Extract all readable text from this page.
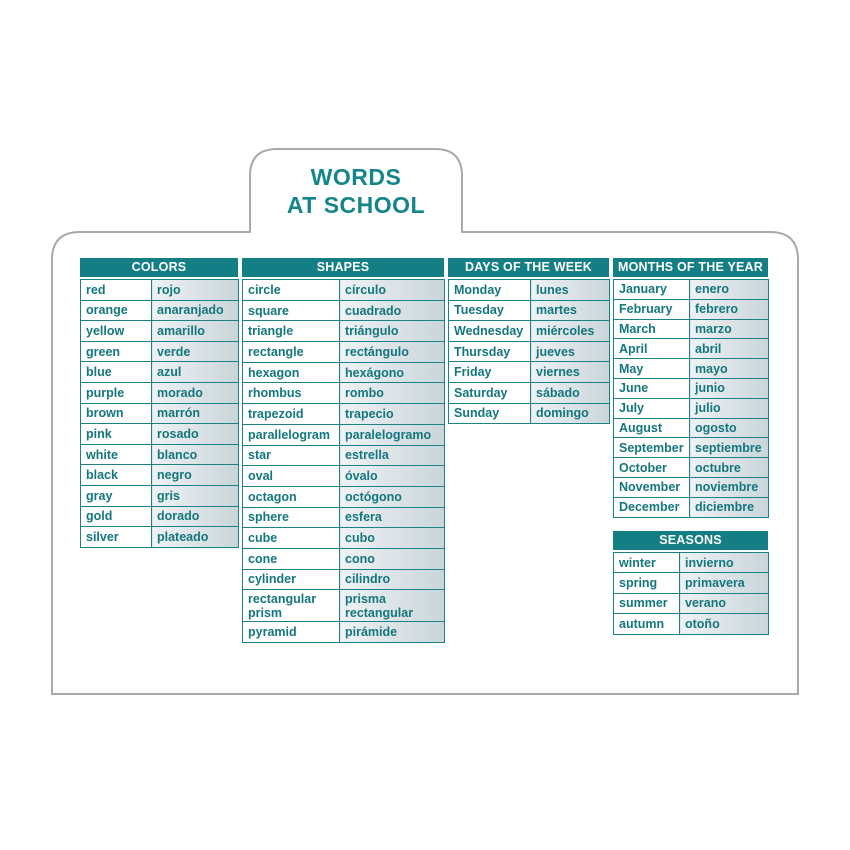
WORDS
AT SCHOOL
COLORS
red	rojo
orange	anaranjado
yellow	amarillo
green	verde
blue	azul
purple	morado
brown	marrón
pink	rosado
white	blanco
black	negro
gray	gris
gold	dorado
silver	plateado
SHAPES
circle	círculo
square	cuadrado
triangle	triángulo
rectangle	rectángulo
hexagon	hexágono
rhombus	rombo
trapezoid	trapecio
parallelogram	paralelogramo
star	estrella
oval	óvalo
octagon	octógono
sphere	esfera
cube	cubo
cone	cono
cylinder	cilindro
rectangular prism	prisma rectangular
pyramid	pirámide
DAYS OF THE WEEK
Monday	lunes
Tuesday	martes
Wednesday	miércoles
Thursday	jueves
Friday	viernes
Saturday	sábado
Sunday	domingo
MONTHS OF THE YEAR
January	enero
February	febrero
March	marzo
April	abril
May	mayo
June	junio
July	julio
August	ogosto
September	septiembre
October	octubre
November	noviembre
December	diciembre
SEASONS
winter	invierno
spring	primavera
summer	verano
autumn	otoño
